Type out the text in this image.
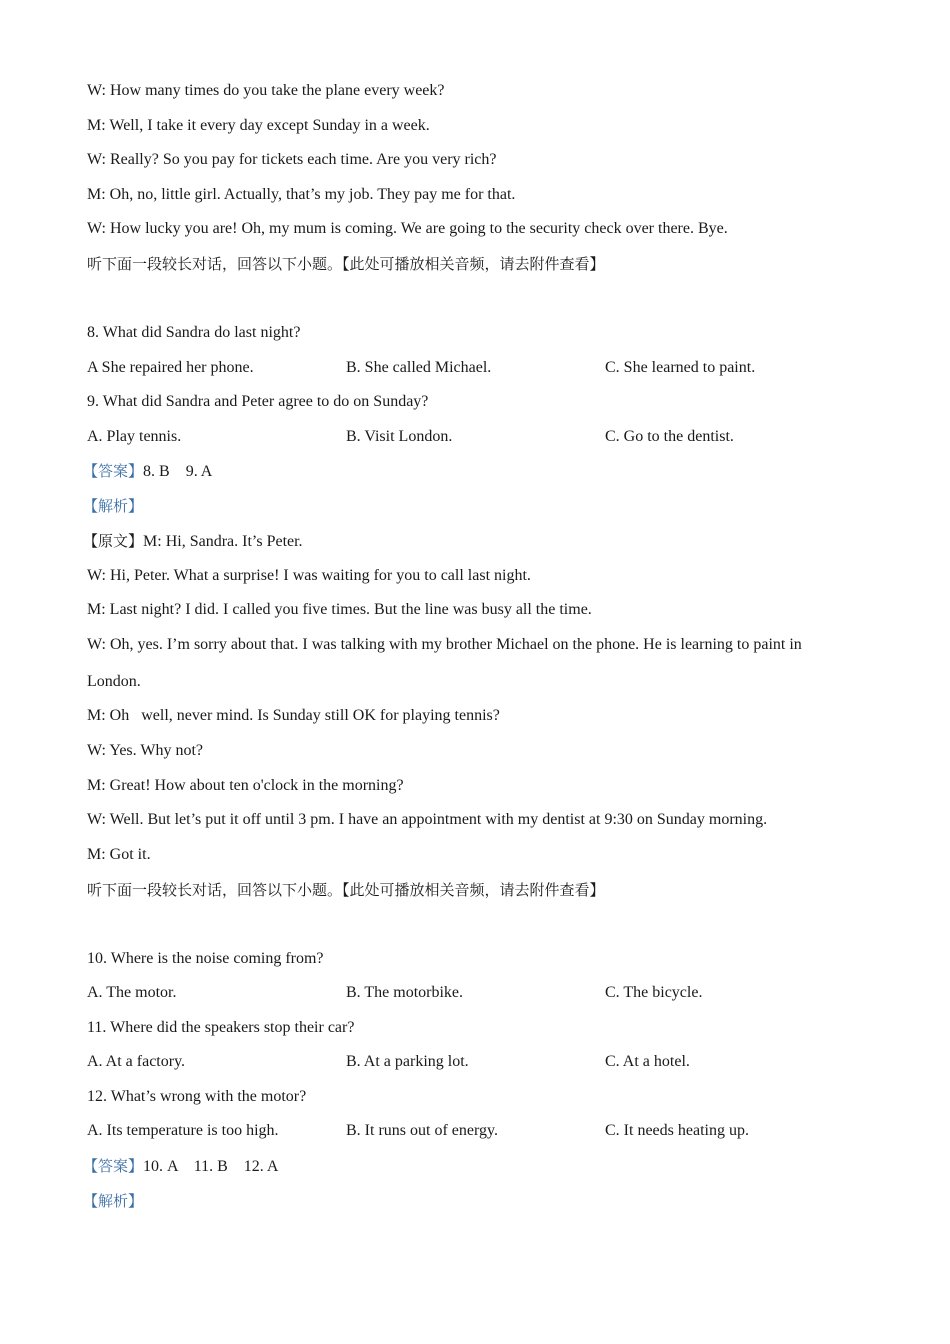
W: How many times do you take the plane every week?
M: Well, I take it every day except Sunday in a week.
W: Really? So you pay for tickets each time. Are you very rich?
M: Oh, no, little girl. Actually, that’s my job. They pay me for that.
W: How lucky you are! Oh, my mum is coming. We are going to the security check over there. Bye.
听下面一段较长对话，回答以下小题。【此处可播放相关音频，请去附件查看】
8. What did Sandra do last night?
A She repaired her phone.	B. She called Michael.	C. She learned to paint.
9. What did Sandra and Peter agree to do on Sunday?
A. Play tennis.	B. Visit London.	C. Go to the dentist.
【答案】8. B    9. A
【解析】
【原文】M: Hi, Sandra. It’s Peter.
W: Hi, Peter. What a surprise! I was waiting for you to call last night.
M: Last night? I did. I called you five times. But the line was busy all the time.
W: Oh, yes. I’m sorry about that. I was talking with my brother Michael on the phone. He is learning to paint in London.
M: Oh   well, never mind. Is Sunday still OK for playing tennis?
W: Yes. Why not?
M: Great! How about ten o'clock in the morning?
W: Well. But let’s put it off until 3 pm. I have an appointment with my dentist at 9:30 on Sunday morning.
M: Got it.
听下面一段较长对话，回答以下小题。【此处可播放相关音频，请去附件查看】
10. Where is the noise coming from?
A. The motor.	B. The motorbike.	C. The bicycle.
11. Where did the speakers stop their car?
A. At a factory.	B. At a parking lot.	C. At a hotel.
12. What’s wrong with the motor?
A. Its temperature is too high.	B. It runs out of energy.	C. It needs heating up.
【答案】10. A    11. B    12. A
【解析】
